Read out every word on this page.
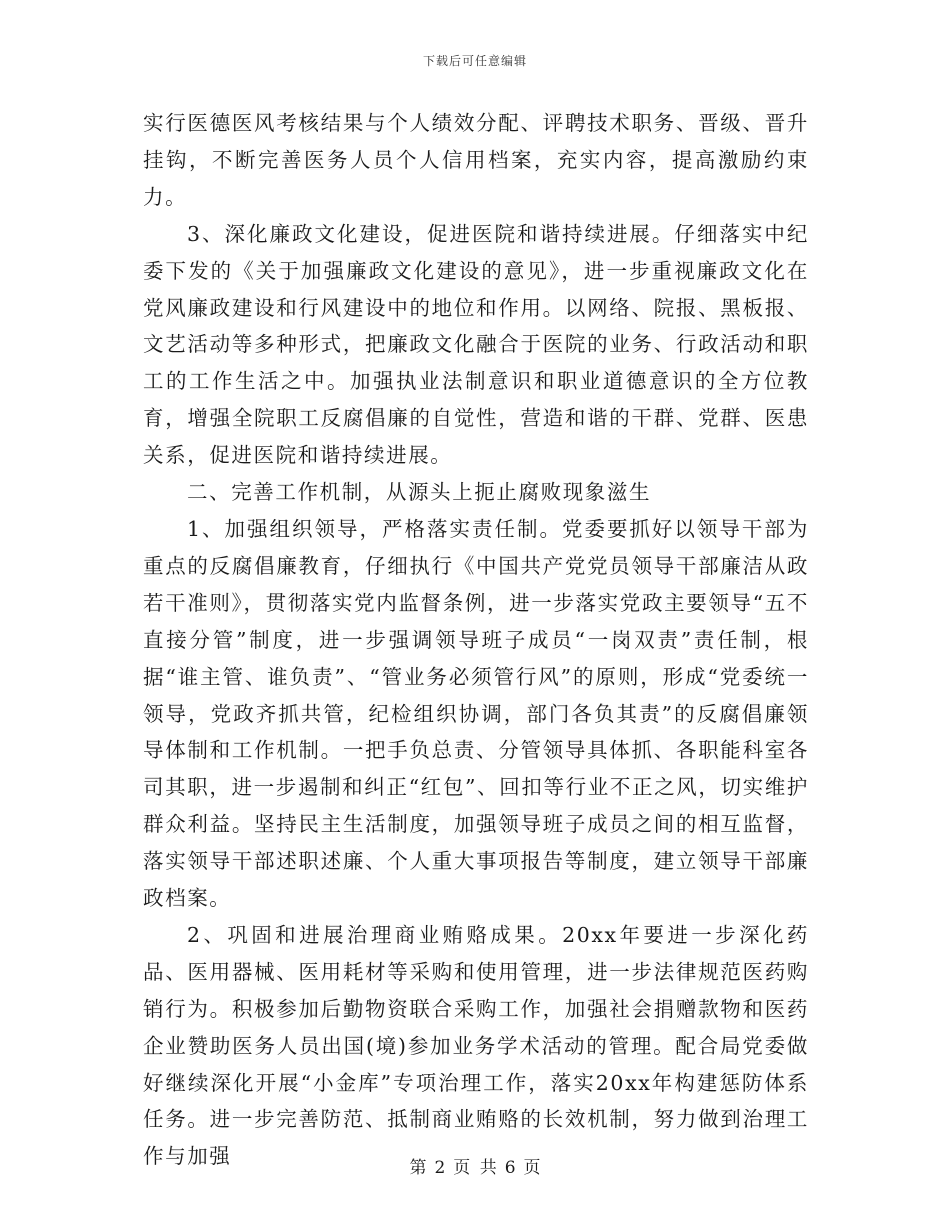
下载后可任意编辑

实行医德医风考核结果与个人绩效分配、评聘技术职务、晋级、晋升挂钩，不断完善医务人员个人信用档案，充实内容，提高激励约束力。

3、深化廉政文化建设，促进医院和谐持续进展。仔细落实中纪委下发的《关于加强廉政文化建设的意见》，进一步重视廉政文化在党风廉政建设和行风建设中的地位和作用。以网络、院报、黑板报、文艺活动等多种形式，把廉政文化融合于医院的业务、行政活动和职工的工作生活之中。加强执业法制意识和职业道德意识的全方位教育，增强全院职工反腐倡廉的自觉性，营造和谐的干群、党群、医患关系，促进医院和谐持续进展。

二、完善工作机制，从源头上扼止腐败现象滋生

1、加强组织领导，严格落实责任制。党委要抓好以领导干部为重点的反腐倡廉教育，仔细执行《中国共产党党员领导干部廉洁从政若干准则》，贯彻落实党内监督条例，进一步落实党政主要领导“五不直接分管”制度，进一步强调领导班子成员“一岗双责”责任制，根据“谁主管、谁负责”、“管业务必须管行风”的原则，形成“党委统一领导，党政齐抓共管，纪检组织协调，部门各负其责”的反腐倡廉领导体制和工作机制。一把手负总责、分管领导具体抓、各职能科室各司其职，进一步遏制和纠正“红包”、回扣等行业不正之风，切实维护群众利益。坚持民主生活制度，加强领导班子成员之间的相互监督，落实领导干部述职述廉、个人重大事项报告等制度，建立领导干部廉政档案。

2、巩固和进展治理商业贿赂成果。20xx年要进一步深化药品、医用器械、医用耗材等采购和使用管理，进一步法律规范医药购销行为。积极参加后勤物资联合采购工作，加强社会捐赠款物和医药企业赞助医务人员出国(境)参加业务学术活动的管理。配合局党委做好继续深化开展“小金库”专项治理工作，落实20xx年构建惩防体系任务。进一步完善防范、抵制商业贿赂的长效机制，努力做到治理工作与加强	第 2 页 共 6 页
